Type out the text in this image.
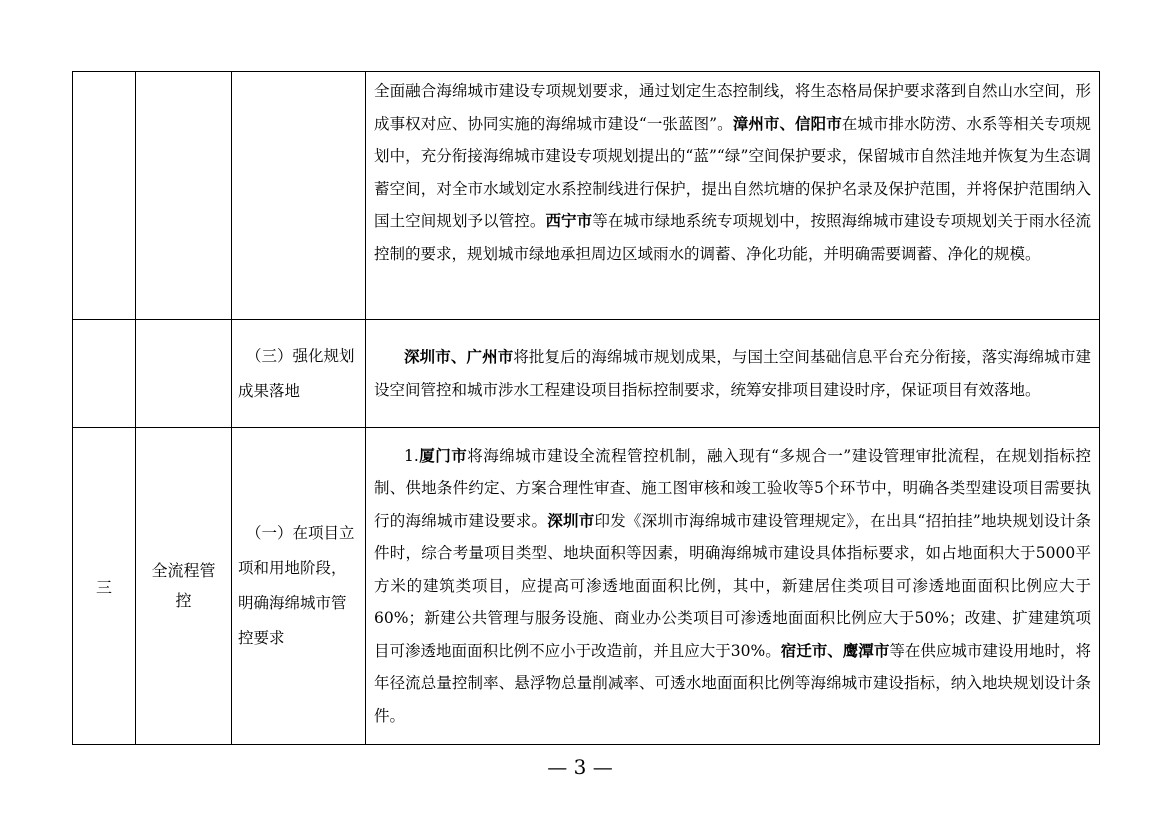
			全面融合海绵城市建设专项规划要求，通过划定生态控制线，将生态格局保护要求落到自然山水空间，形成事权对应、协同实施的海绵城市建设“一张蓝图”。漳州市、信阳市在城市排水防涝、水系等相关专项规划中，充分衔接海绵城市建设专项规划提出的“蓝”“绿”空间保护要求，保留城市自然洼地并恢复为生态调蓄空间，对全市水域划定水系控制线进行保护，提出自然坑塘的保护名录及保护范围，并将保护范围纳入国土空间规划予以管控。西宁市等在城市绿地系统专项规划中，按照海绵城市建设专项规划关于雨水径流控制的要求，规划城市绿地承担周边区域雨水的调蓄、净化功能，并明确需要调蓄、净化的规模。
		（三）强化规划成果落地	深圳市、广州市将批复后的海绵城市规划成果，与国土空间基础信息平台充分衔接，落实海绵城市建设空间管控和城市涉水工程建设项目指标控制要求，统筹安排项目建设时序，保证项目有效落地。
三	全流程管控	（一）在项目立项和用地阶段，明确海绵城市管控要求	1.厦门市将海绵城市建设全流程管控机制，融入现有“多规合一”建设管理审批流程，在规划指标控制、供地条件约定、方案合理性审查、施工图审核和竣工验收等5个环节中，明确各类型建设项目需要执行的海绵城市建设要求。深圳市印发《深圳市海绵城市建设管理规定》，在出具“招拍挂”地块规划设计条件时，综合考量项目类型、地块面积等因素，明确海绵城市建设具体指标要求，如占地面积大于5000平方米的建筑类项目，应提高可渗透地面面积比例，其中，新建居住类项目可渗透地面面积比例应大于60%；新建公共管理与服务设施、商业办公类项目可渗透地面面积比例应大于50%；改建、扩建建筑项目可渗透地面面积比例不应小于改造前，并且应大于30%。宿迁市、鹰潭市等在供应城市建设用地时，将年径流总量控制率、悬浮物总量削减率、可透水地面面积比例等海绵城市建设指标，纳入地块规划设计条件。
— 3 —
